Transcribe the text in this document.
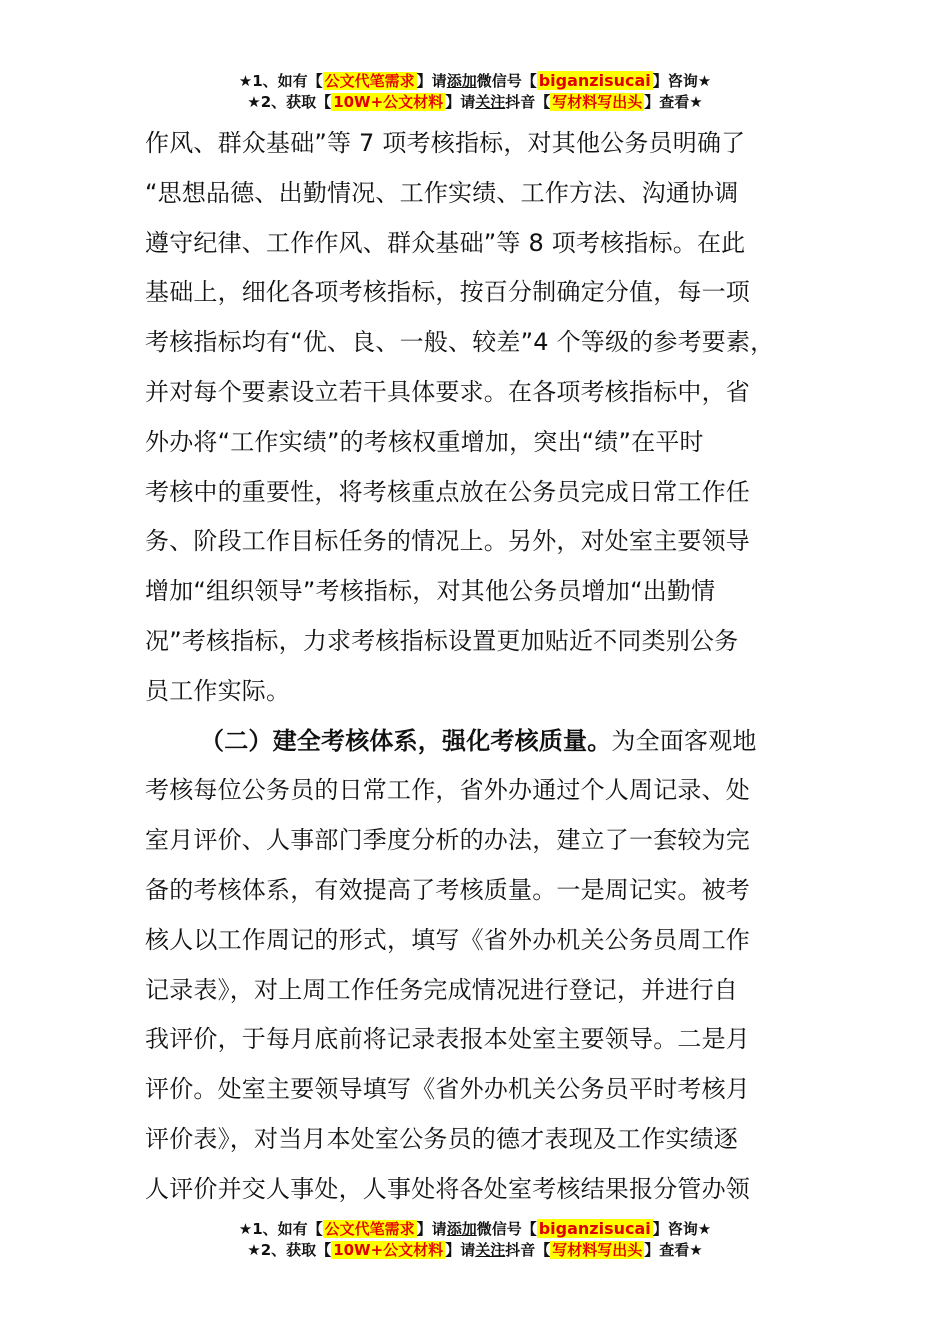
★1、如有【 公文代笔需求 】请添加微信号【 biganzisucai 】咨询★
★2、获取【 10W+公文材料 】请关注抖音【 写材料写出头 】查看★
作风、群众基础”等 7 项考核指标，对其他公务员明确了
“思想品德、出勤情况、工作实绩、工作方法、沟通协调
遵守纪律、工作作风、群众基础”等 8 项考核指标。在此
基础上，细化各项考核指标，按百分制确定分值，每一项
考核指标均有“优、良、一般、较差”4 个等级的参考要素，
并对每个要素设立若干具体要求。在各项考核指标中，省
外办将“工作实绩”的考核权重增加，突出“绩”在平时
考核中的重要性，将考核重点放在公务员完成日常工作任
务、阶段工作目标任务的情况上。另外，对处室主要领导
增加“组织领导”考核指标，对其他公务员增加“出勤情
况”考核指标，力求考核指标设置更加贴近不同类别公务
员工作实际。
（二）建全考核体系，强化考核质量。为全面客观地
考核每位公务员的日常工作，省外办通过个人周记录、处
室月评价、人事部门季度分析的办法，建立了一套较为完
备的考核体系，有效提高了考核质量。一是周记实。被考
核人以工作周记的形式，填写《省外办机关公务员周工作
记录表》，对上周工作任务完成情况进行登记，并进行自
我评价，于每月底前将记录表报本处室主要领导。二是月
评价。处室主要领导填写《省外办机关公务员平时考核月
评价表》，对当月本处室公务员的德才表现及工作实绩逐
人评价并交人事处，人事处将各处室考核结果报分管办领
★1、如有【 公文代笔需求 】请添加微信号【 biganzisucai 】咨询★
★2、获取【 10W+公文材料 】请关注抖音【 写材料写出头 】查看★
